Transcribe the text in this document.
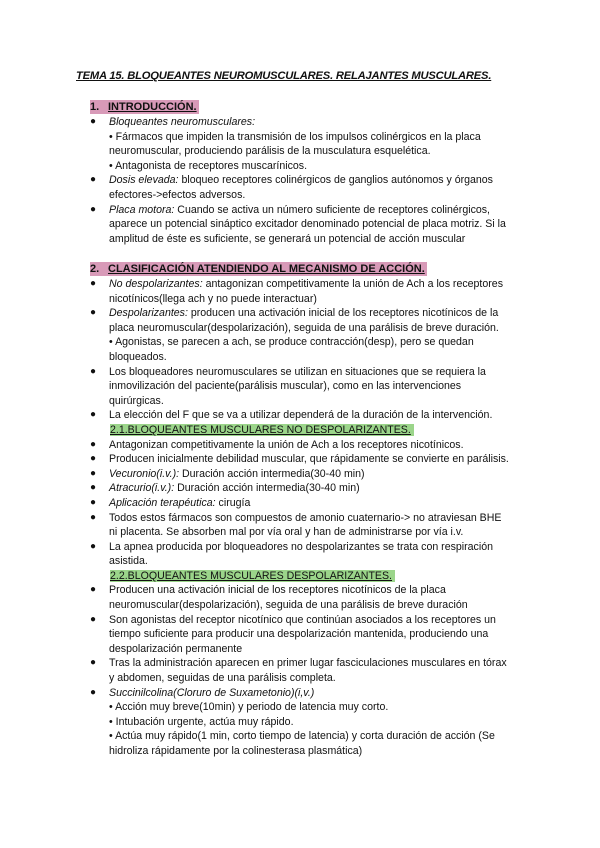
TEMA 15. BLOQUEANTES NEUROMUSCULARES. RELAJANTES MUSCULARES.
1. INTRODUCCIÓN.
● Bloqueantes neuromusculares:
• Fármacos que impiden la transmisión de los impulsos colinérgicos en la placa
neuromuscular, produciendo parálisis de la musculatura esquelética.
• Antagonista de receptores muscarínicos.
● Dosis elevada: bloqueo receptores colinérgicos de ganglios autónomos y órganos
efectores->efectos adversos.
● Placa motora: Cuando se activa un número suficiente de receptores colinérgicos,
aparece un potencial sináptico excitador denominado potencial de placa motriz. Si la
amplitud de éste es suficiente, se generará un potencial de acción muscular
2. CLASIFICACIÓN ATENDIENDO AL MECANISMO DE ACCIÓN.
● No despolarizantes: antagonizan competitivamente la unión de Ach a los receptores
nicotínicos(llega ach y no puede interactuar)
● Despolarizantes: producen una activación inicial de los receptores nicotínicos de la
placa neuromuscular(despolarización), seguida de una parálisis de breve duración.
• Agonistas, se parecen a ach, se produce contracción(desp), pero se quedan
bloqueados.
● Los bloqueadores neuromusculares se utilizan en situaciones que se requiera la
inmovilización del paciente(parálisis muscular), como en las intervenciones
quirúrgicas.
● La elección del F que se va a utilizar dependerá de la duración de la intervención.
2.1.BLOQUEANTES MUSCULARES NO DESPOLARIZANTES.
● Antagonizan competitivamente la unión de Ach a los receptores nicotínicos.
● Producen inicialmente debilidad muscular, que rápidamente se convierte en parálisis.
● Vecuronio(i.v.): Duración acción intermedia(30-40 min)
● Atracurio(i.v.): Duración acción intermedia(30-40 min)
● Aplicación terapéutica: cirugía
● Todos estos fármacos son compuestos de amonio cuaternario-> no atraviesan BHE
ni placenta. Se absorben mal por vía oral y han de administrarse por vía i.v.
● La apnea producida por bloqueadores no despolarizantes se trata con respiración
asistida.
2.2.BLOQUEANTES MUSCULARES DESPOLARIZANTES.
● Producen una activación inicial de los receptores nicotínicos de la placa
neuromuscular(despolarización), seguida de una parálisis de breve duración
● Son agonistas del receptor nicotínico que continúan asociados a los receptores un
tiempo suficiente para producir una despolarización mantenida, produciendo una
despolarización permanente
● Tras la administración aparecen en primer lugar fasciculaciones musculares en tórax
y abdomen, seguidas de una parálisis completa.
● Succinilcolina(Cloruro de Suxametonio)(i,v.)
• Acción muy breve(10min) y periodo de latencia muy corto.
• Intubación urgente, actúa muy rápido.
• Actúa muy rápido(1 min, corto tiempo de latencia) y corta duración de acción (Se
hidroliza rápidamente por la colinesterasa plasmática)
